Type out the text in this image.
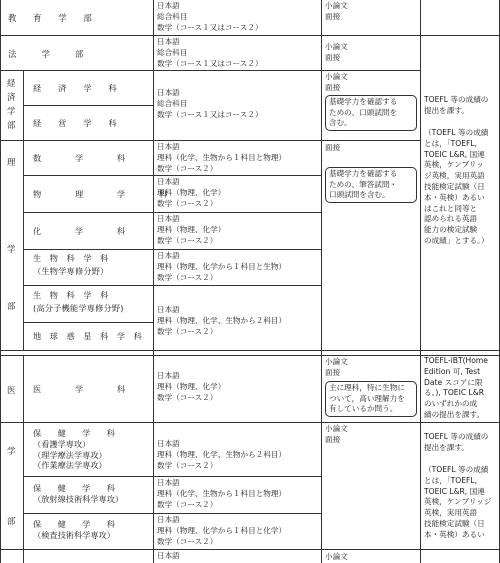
教　　育　　学　　部
法　　　学　　　部
経
済
学
部
理
学
部
医
学
部
経　　済　　学　　科
経　　営　　学　　科
数　　　　学　　　　科
物　　　　理　　　　学　　　　科
化　　　　学　　　　科
生　物　科　学　科
（生物学専修分野）
生　物　科　学　科
(高分子機能学専修分野)
地　球　惑　星　科　学　科
医　　　　学　　　　科
保　　健　　学　　科
（看護学専攻）
（理学療法学専攻）
（作業療法学専攻）
保　　健　　学　　科
（放射線技術科学専攻）
保　　健　　学　　科
（検査技術科学専攻）
日本語
総合科目
数学（コース１又はコース２）
日本語
総合科目
数学（コース１又はコース２）
日本語
総合科目
数学（コース１又はコース２）
日本語
理科（化学、生物から１科目と物理）
数学（コース２）
日本語
理科（物理、化学）
数学（コース２）
日本語
理科（物理、化学）
数学（コース２）
日本語
理科（物理、化学から１科目と生物）
数学（コース２）
日本語
理科（物理、化学、生物から２科目）
数学（コース２）
日本語
理科（物理、化学）
数学（コース２）
日本語
理科（物理、化学、生物から２科目）
数学（コース２）
日本語
理科（化学、生物から１科目と物理）
数学（コース２）
日本語
理科（物理、化学から１科目と化学）
数学（コース２）
日本語
小論文
面接
小論文
面接
小論文
面接
基礎学力を確認する
ための、口頭試問を
含む。
面接
基礎学力を確認する
ための、筆答試問・
口頭試問を含む。
小論文
面接
主に理科，特に生物に
ついて，高い理解力を
有しているか問う。
小論文
面接
小論文
TOEFL 等の成績の
提出を課す。
（TOEFL 等の成績
とは，「TOEFL,
TOEIC L&R, 国連
英検，ケンブリッ
ジ英検，実用英語
技能検定試験（日
本・英検）あるい
はこれと同等と
認められる英語
能力の検定試験
の成績」とする。）
TOEFL-iBT(Home
Edition 可, Test
Date スコアに限
る。), TOEIC L&R
のいずれかの成
績の提出を課す。
TOEFL 等の成績の
提出を課す。
（TOEFL 等の成績
とは，「TOEFL,
TOEIC L&R, 国連
英検，ケンブリッジ
英検，実用英語
技能検定試験（日
本・英検）あるい
